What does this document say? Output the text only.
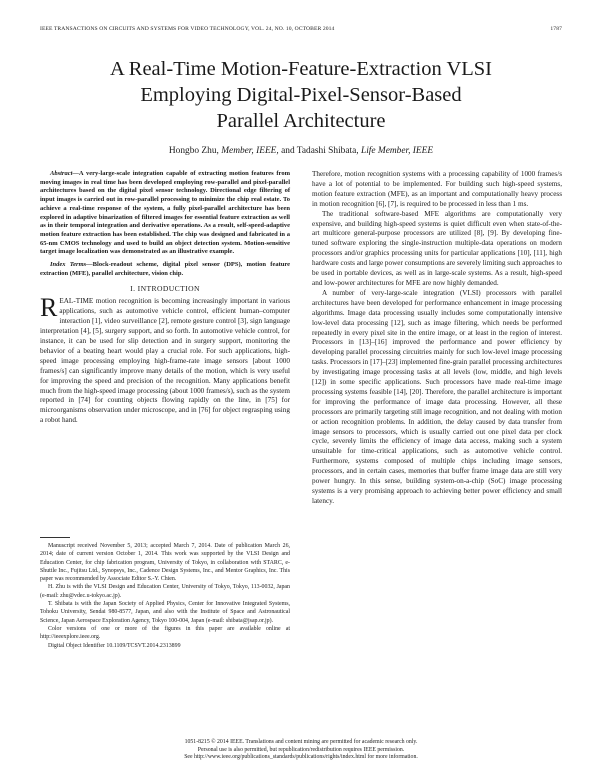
IEEE TRANSACTIONS ON CIRCUITS AND SYSTEMS FOR VIDEO TECHNOLOGY, VOL. 24, NO. 10, OCTOBER 2014	1787
A Real-Time Motion-Feature-Extraction VLSI
Employing Digital-Pixel-Sensor-Based
Parallel Architecture
Hongbo Zhu, Member, IEEE, and Tadashi Shibata, Life Member, IEEE

Abstract—A very-large-scale integration capable of extracting motion features from moving images in real time has been developed employing row-parallel and pixel-parallel architectures based on the digital pixel sensor technology. Directional edge filtering of input images is carried out in row-parallel processing to minimize the chip real estate. To achieve a real-time response of the system, a fully pixel-parallel architecture has been explored in adaptive binarization of filtered images for essential feature extraction as well as in their temporal integration and derivative operations. As a result, self-speed-adaptive motion feature extraction has been established. The chip was designed and fabricated in a 65-nm CMOS technology and used to build an object detection system. Motion-sensitive target image localization was demonstrated as an illustrative example.

Index Terms—Block-readout scheme, digital pixel sensor (DPS), motion feature extraction (MFE), parallel architecture, vision chip.

I. INTRODUCTION

REAL-TIME motion recognition is becoming increasingly important in various applications, such as automotive vehicle control, efficient human–computer interaction [1], video surveillance [2], remote gesture control [3], sign language interpretation [4], [5], surgery support, and so forth. In automotive vehicle control, for instance, it can be used for slip detection and in surgery support, monitoring the behavior of a beating heart would play a crucial role. For such applications, high-speed image processing employing high-frame-rate image sensors [about 1000 frames/s] can significantly improve many details of the motion, which is very useful for improving the speed and precision of the recognition. Many applications benefit much from the high-speed image processing (about 1000 frames/s), such as the system reported in [74] for counting objects flowing rapidly on the line, in [75] for microorganisms observation under microscope, and in [76] for object regrasping using a robot hand.

Manuscript received November 5, 2013; accepted March 7, 2014. Date of publication March 26, 2014; date of current version October 1, 2014. This work was supported by the VLSI Design and Education Center, for chip fabrication program, University of Tokyo, in collaboration with STARC, e-Shuttle Inc., Fujitsu Ltd., Synopsys, Inc., Cadence Design Systems, Inc., and Mentor Graphics, Inc. This paper was recommended by Associate Editor S.-Y. Chien.

H. Zhu is with the VLSI Design and Education Center, University of Tokyo, Tokyo, 113-0032, Japan (e-mail: zhu@vdec.u-tokyo.ac.jp).

T. Shibata is with the Japan Society of Applied Physics, Center for Innovative Integrated Systems, Tohoku University, Sendai 980-8577, Japan, and also with the Institute of Space and Astronautical Science, Japan Aerospace Exploration Agency, Tokyo 100-004, Japan (e-mail: shibata@jsap.or.jp).

Color versions of one or more of the figures in this paper are available online at http://ieeexplore.ieee.org.

Digital Object Identifier 10.1109/TCSVT.2014.2313899

Therefore, motion recognition systems with a processing capability of 1000 frames/s have a lot of potential to be implemented. For building such high-speed systems, motion feature extraction (MFE), as an important and computationally heavy process in motion recognition [6], [7], is required to be processed in less than 1 ms.

The traditional software-based MFE algorithms are computationally very expensive, and building high-speed systems is quiet difficult even when state-of-the-art multicore general-purpose processors are utilized [8], [9]. By developing fine-tuned software exploring the single-instruction multiple-data operations on modern processors and/or graphics processing units for particular applications [10], [11], high hardware costs and large power consumptions are severely limiting such approaches to be used in portable devices, as well as in large-scale systems. As a result, high-speed and low-power architectures for MFE are now highly demanded.

A number of very-large-scale integration (VLSI) processors with parallel architectures have been developed for performance enhancement in image processing algorithms. Image data processing usually includes some computationally intensive low-level data processing [12], such as image filtering, which needs be performed repeatedly in every pixel site in the entire image, or at least in the region of interest. Processors in [13]–[16] improved the performance and power efficiency by developing parallel processing circuitries mainly for such low-level image processing tasks. Processors in [17]–[23] implemented fine-grain parallel processing architectures by investigating image processing tasks at all levels (low, middle, and high levels [12]) in some specific applications. Such processors have made real-time image processing systems feasible [14], [20]. Therefore, the parallel architecture is important for improving the performance of image data processing. However, all these processors are primarily targeting still image recognition, and not dealing with motion or action recognition problems. In addition, the delay caused by data transfer from image sensors to processors, which is usually carried out one pixel data per clock cycle, severely limits the efficiency of image data access, making such a system unsuitable for time-critical applications, such as automotive vehicle control. Furthermore, systems composed of multiple chips including image sensors, processors, and in certain cases, memories that buffer frame image data are still very power hungry. In this sense, building system-on-a-chip (SoC) image processing systems is a very promising approach to achieving better power efficiency and small latency.

1051-8215 © 2014 IEEE. Translations and content mining are permitted for academic research only.
Personal use is also permitted, but republication/redistribution requires IEEE permission.
See http://www.ieee.org/publications_standards/publications/rights/index.html for more information.
